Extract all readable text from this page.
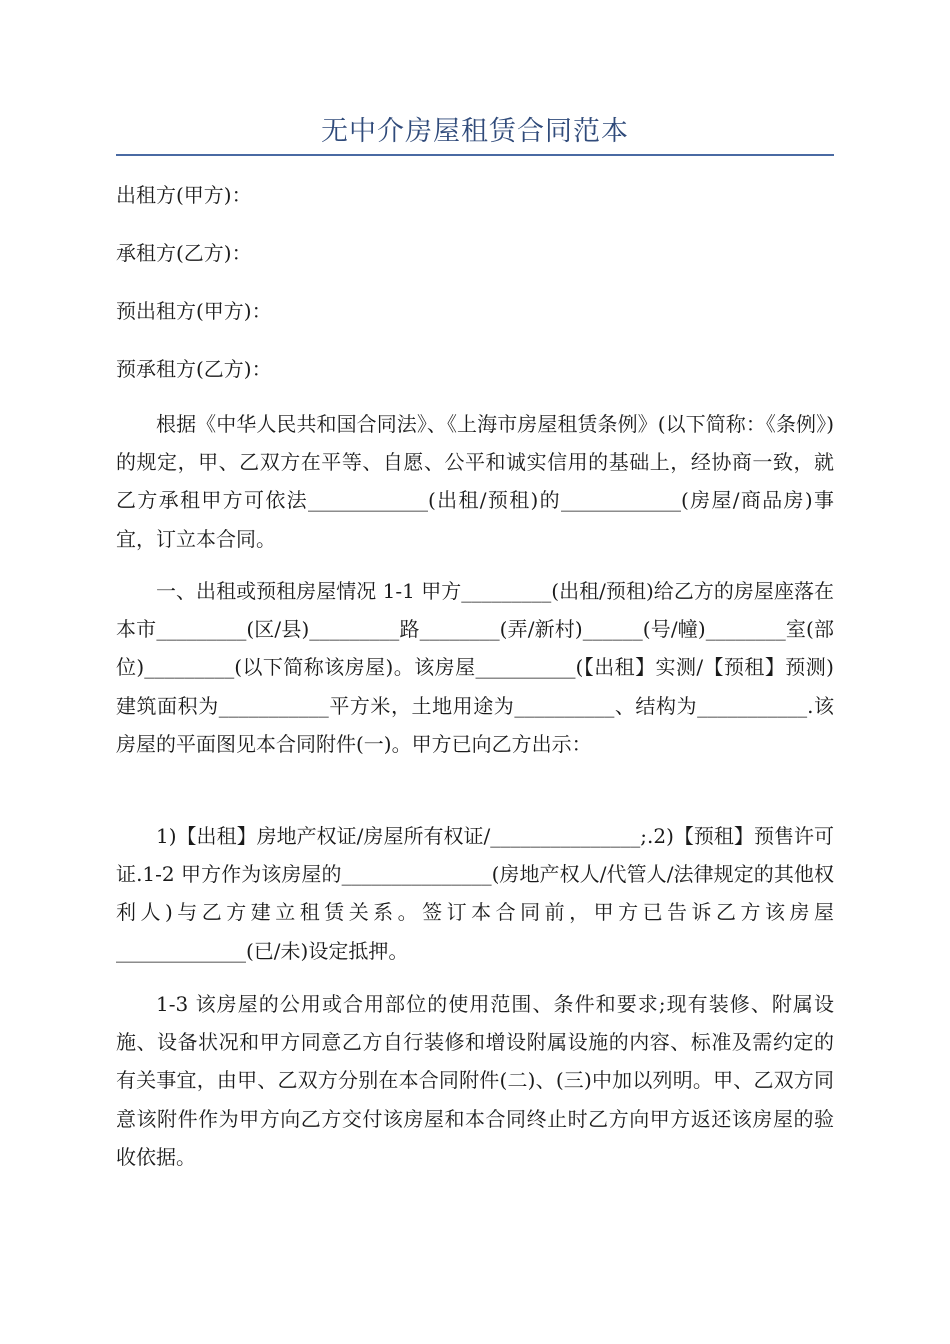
无中介房屋租赁合同范本
出租方(甲方)：
承租方(乙方)：
预出租方(甲方)：
预承租方(乙方)：

根据《中华人民共和国合同法》、《上海市房屋租赁条例》(以下简称：《条例》)的规定，甲、乙双方在平等、自愿、公平和诚实信用的基础上，经协商一致，就乙方承租甲方可依法____________(出租/预租)的____________(房屋/商品房)事宜，订立本合同。

一、出租或预租房屋情况 1-1 甲方_________(出租/预租)给乙方的房屋座落在本市_________(区/县)_________路________(弄/新村)______(号/幢)________室(部位)_________(以下简称该房屋)。该房屋__________(【出租】实测/【预租】预测)建筑面积为___________平方米，土地用途为__________、结构为___________.该房屋的平面图见本合同附件(一)。甲方已向乙方出示：

1)【出租】房地产权证/房屋所有权证/_______________;.2)【预租】预售许可证.1-2 甲方作为该房屋的_______________(房地产权人/代管人/法律规定的其他权利人)与乙方建立租赁关系。签订本合同前，甲方已告诉乙方该房屋_____________(已/未)设定抵押。

1-3 该房屋的公用或合用部位的使用范围、条件和要求;现有装修、附属设施、设备状况和甲方同意乙方自行装修和增设附属设施的内容、标准及需约定的有关事宜，由甲、乙双方分别在本合同附件(二)、(三)中加以列明。甲、乙双方同意该附件作为甲方向乙方交付该房屋和本合同终止时乙方向甲方返还该房屋的验收依据。
